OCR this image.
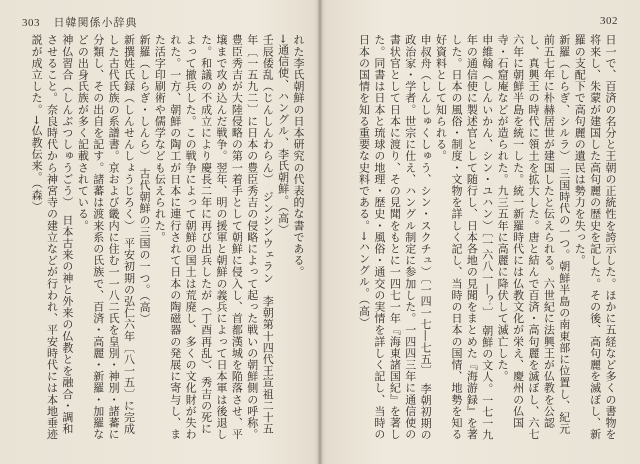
303 日韓関係小辞典	302

れた李氏朝鮮の日本研究の代表的な書である。

→通信使、ハングル、李氏朝鮮。（高）

壬辰倭乱（じんしんわらん）　ジンシンウェラン　李朝第十四代王宣祖二十五年〔一五九二〕に日本の豊臣秀吉の侵略によって起った戦いの朝鮮側の呼称。豊臣秀吉が大陸侵略の第一着手として朝鮮に侵入し、首都漢城を陥落させ、平壌まで攻め込んだ戦争。翌年、明の援軍と朝鮮の義兵によって日本軍は後退した。和議の不成立により慶長二年に再び出兵したが（丁酉再乱）、秀吉の死によって撤兵した。この戦争によって朝鮮の国土は荒廃し、多くの文化財が失われた。一方、朝鮮の陶工が日本に連行されて日本の陶磁器の発展に寄与し、また活字印刷術や儒学なども伝えられた。

新羅（しらぎ・しんら）　古代朝鮮の三国の一つ。（高）

新撰姓氏録（しんせんしょうじろく）　平安初期の弘仁六年〔八一五〕に完成した古代氏族の系譜書。京および畿内に住む一一八二氏を皇別・神別・諸蕃に分類し、その出自を記す。諸蕃は渡来系の氏族で、百済・高麗・新羅・加羅などの出身氏族が多く記載されている。

神仏習合（しんぶつしゅうごう）　日本古来の神と外来の仏教とを融合・調和させること。奈良時代から神宮寺の建立などが行われ、平安時代には本地垂迹説が成立した。→仏教伝来。（森）	日一で、百済の名分と王朝の正統性を誇示した。ほかに五経など多くの書物を将来し、朱蒙が建国した高句麗の歴史を記した。その後、高句麗を滅ぼし、新羅の支配下で高句麗の遺民は勢力を失った。

新羅（しらぎ、シルラ）　三国時代の一つ。朝鮮半島の南東部に位置し、紀元前五七年に朴赫居世が建国したと伝えられる。六世紀に法興王が仏教を公認し、真興王の時代に領土を拡大した。唐と結んで百済・高句麗を滅ぼし、六七六年に朝鮮半島を統一した。統一新羅時代には仏教文化が栄え、慶州の仏国寺・石窟庵などが造られた。九三五年に高麗に降伏して滅亡した。

申維翰（しんいかん、シン・ユハン）〔一六八一―？〕　朝鮮の文人。一七一九年の通信使に製述官として随行し、日本各地の見聞をまとめた『海游録』を著した。日本の風俗・制度・文物を詳しく記し、当時の日本の国情、地勢を知る好資料として知られる。

申叔舟（しんしゅくしゅう、シン・スクチュ）〔一四一七―七五〕　李朝初期の政治家・学者。世宗に仕え、ハングル制定に参加した。一四四三年に通信使の書状官として日本に渡り、その見聞をもとに一四七一年『海東諸国紀』を著した。同書は日本と琉球の地理・歴史・風俗・通交の実情を詳しく記し、当時の日本の国情を知る重要な史料である。→ハングル。（高）
